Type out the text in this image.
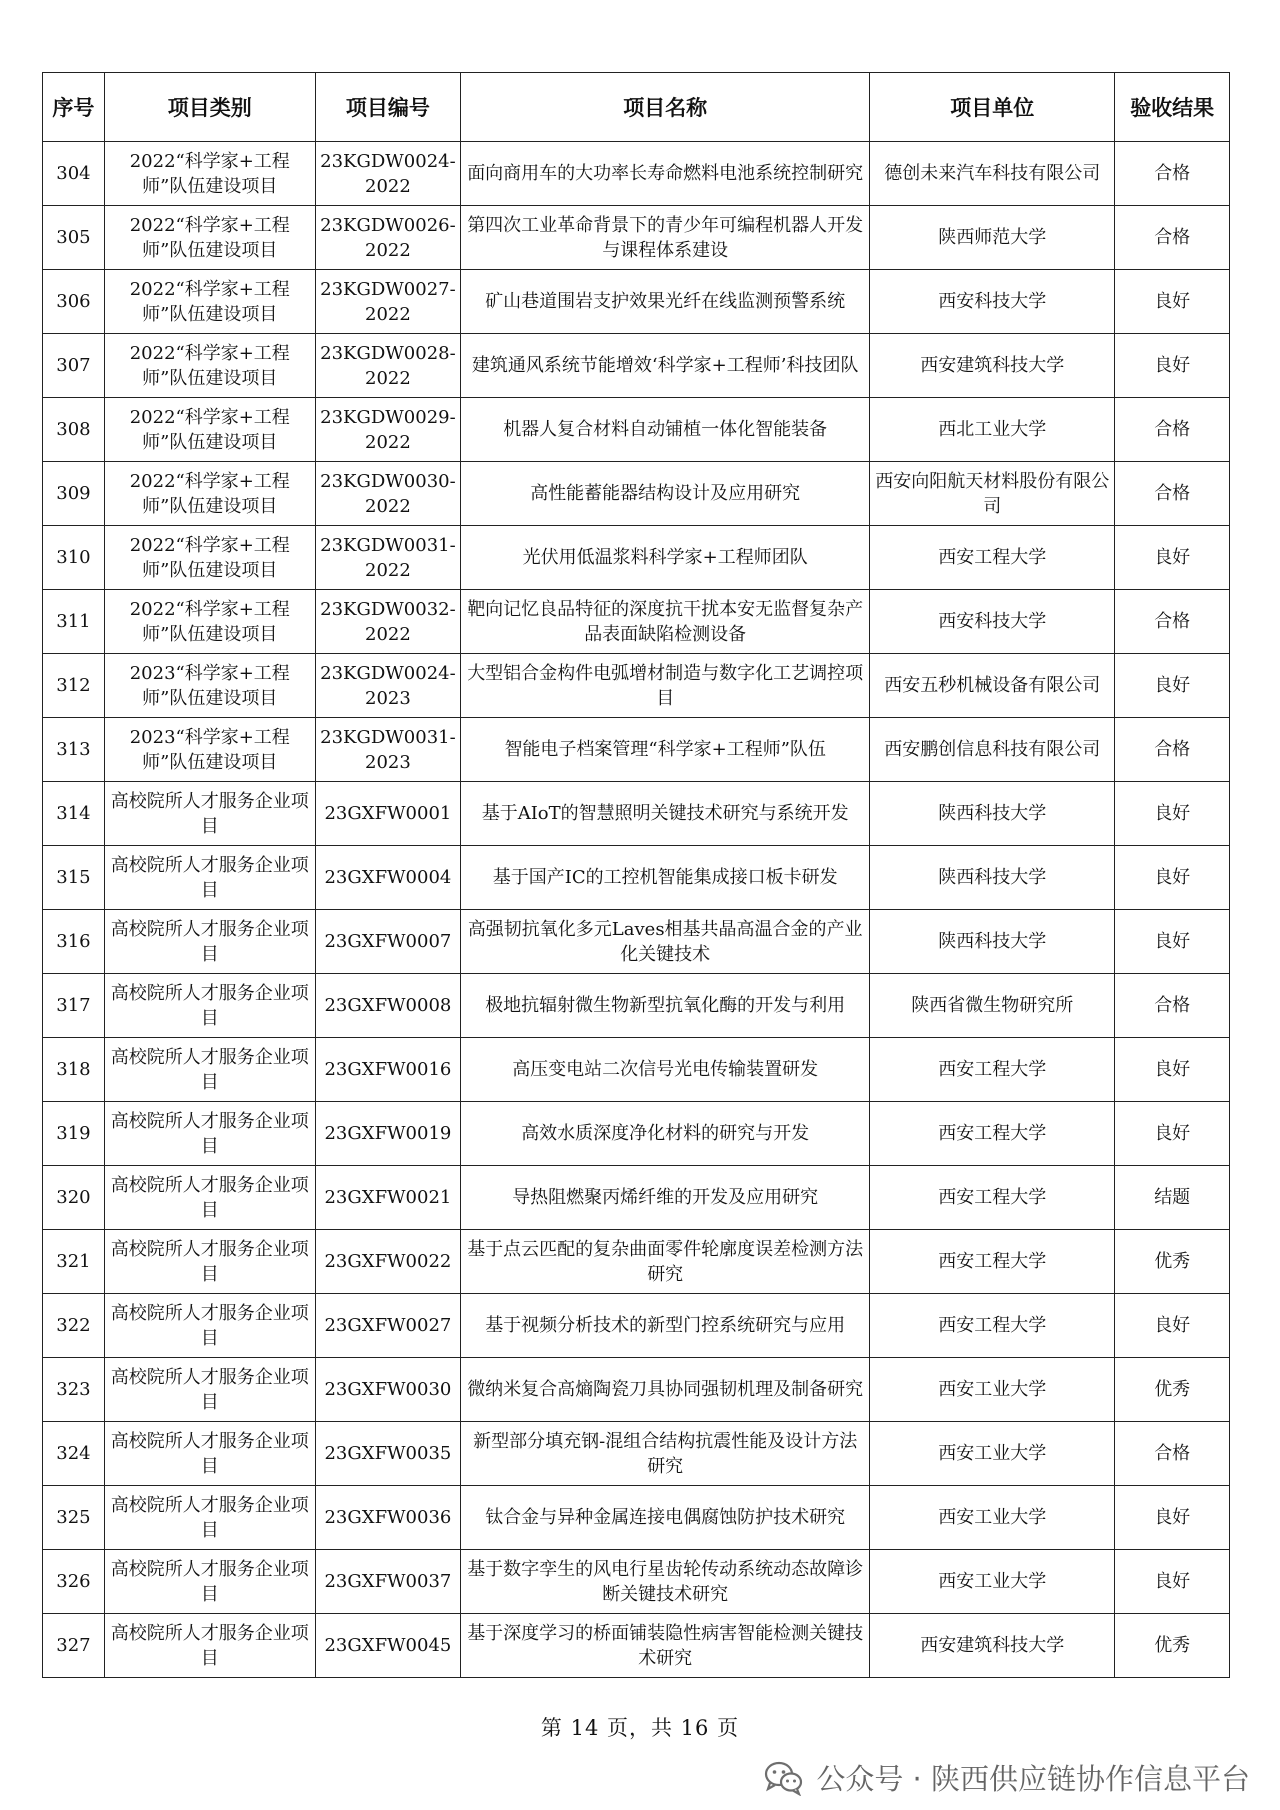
序号	项目类别	项目编号	项目名称	项目单位	验收结果
304	2022“科学家+工程师”队伍建设项目	23KGDW0024-2022	面向商用车的大功率长寿命燃料电池系统控制研究	德创未来汽车科技有限公司	合格
305	2022“科学家+工程师”队伍建设项目	23KGDW0026-2022	第四次工业革命背景下的青少年可编程机器人开发与课程体系建设	陕西师范大学	合格
306	2022“科学家+工程师”队伍建设项目	23KGDW0027-2022	矿山巷道围岩支护效果光纤在线监测预警系统	西安科技大学	良好
307	2022“科学家+工程师”队伍建设项目	23KGDW0028-2022	建筑通风系统节能增效‘科学家+工程师’科技团队	西安建筑科技大学	良好
308	2022“科学家+工程师”队伍建设项目	23KGDW0029-2022	机器人复合材料自动铺植一体化智能装备	西北工业大学	合格
309	2022“科学家+工程师”队伍建设项目	23KGDW0030-2022	高性能蓄能器结构设计及应用研究	西安向阳航天材料股份有限公司	合格
310	2022“科学家+工程师”队伍建设项目	23KGDW0031-2022	光伏用低温浆料科学家+工程师团队	西安工程大学	良好
311	2022“科学家+工程师”队伍建设项目	23KGDW0032-2022	靶向记忆良品特征的深度抗干扰本安无监督复杂产品表面缺陷检测设备	西安科技大学	合格
312	2023“科学家+工程师”队伍建设项目	23KGDW0024-2023	大型铝合金构件电弧增材制造与数字化工艺调控项目	西安五秒机械设备有限公司	良好
313	2023“科学家+工程师”队伍建设项目	23KGDW0031-2023	智能电子档案管理“科学家+工程师”队伍	西安鹏创信息科技有限公司	合格
314	高校院所人才服务企业项目	23GXFW0001	基于AIoT的智慧照明关键技术研究与系统开发	陕西科技大学	良好
315	高校院所人才服务企业项目	23GXFW0004	基于国产IC的工控机智能集成接口板卡研发	陕西科技大学	良好
316	高校院所人才服务企业项目	23GXFW0007	高强韧抗氧化多元Laves相基共晶高温合金的产业化关键技术	陕西科技大学	良好
317	高校院所人才服务企业项目	23GXFW0008	极地抗辐射微生物新型抗氧化酶的开发与利用	陕西省微生物研究所	合格
318	高校院所人才服务企业项目	23GXFW0016	高压变电站二次信号光电传输装置研发	西安工程大学	良好
319	高校院所人才服务企业项目	23GXFW0019	高效水质深度净化材料的研究与开发	西安工程大学	良好
320	高校院所人才服务企业项目	23GXFW0021	导热阻燃聚丙烯纤维的开发及应用研究	西安工程大学	结题
321	高校院所人才服务企业项目	23GXFW0022	基于点云匹配的复杂曲面零件轮廓度误差检测方法研究	西安工程大学	优秀
322	高校院所人才服务企业项目	23GXFW0027	基于视频分析技术的新型门控系统研究与应用	西安工程大学	良好
323	高校院所人才服务企业项目	23GXFW0030	微纳米复合高熵陶瓷刀具协同强韧机理及制备研究	西安工业大学	优秀
324	高校院所人才服务企业项目	23GXFW0035	新型部分填充钢-混组合结构抗震性能及设计方法研究	西安工业大学	合格
325	高校院所人才服务企业项目	23GXFW0036	钛合金与异种金属连接电偶腐蚀防护技术研究	西安工业大学	良好
326	高校院所人才服务企业项目	23GXFW0037	基于数字孪生的风电行星齿轮传动系统动态故障诊断关键技术研究	西安工业大学	良好
327	高校院所人才服务企业项目	23GXFW0045	基于深度学习的桥面铺装隐性病害智能检测关键技术研究	西安建筑科技大学	优秀
第 14 页，共 16 页
公众号 · 陕西供应链协作信息平台
